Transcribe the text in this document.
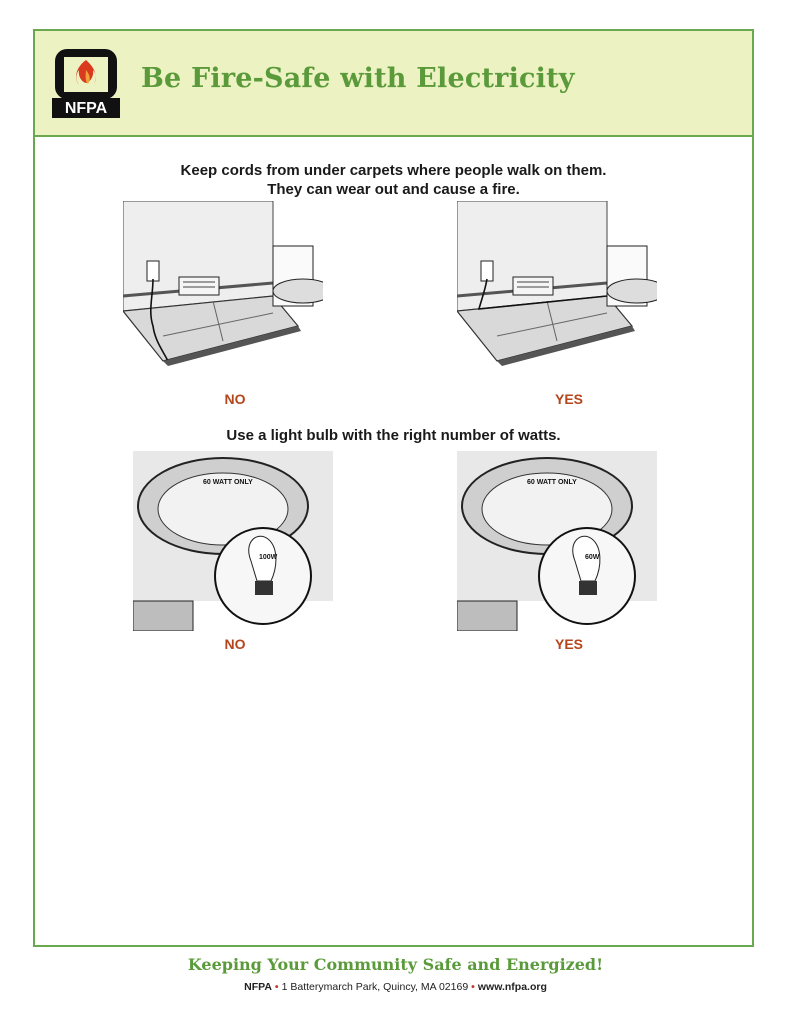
NFPA
Be Fire-Safe with Electricity

Keep cords from under carpets where people walk on them.
They can wear out and cause a fire.

NO	YES

Use a light bulb with the right number of watts.

60 WATT ONLY
100W
NO
60 WATT ONLY
60W
YES

Keeping Your Community Safe and Energized!

NFPA • 1 Batterymarch Park, Quincy, MA 02169 • www.nfpa.org
